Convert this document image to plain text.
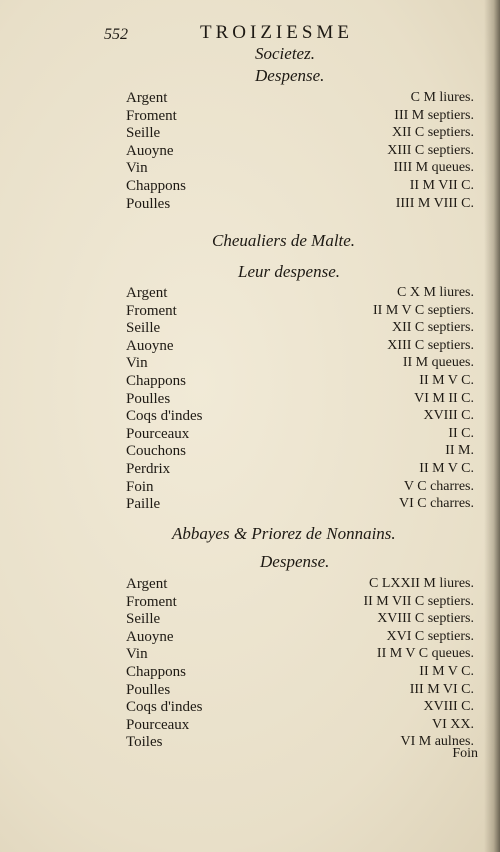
552	TROIZIESME
Societez.
Despense.
Argent	C M liures.
Froment	III M septiers.
Seille	XII C septiers.
Auoyne	XIII C septiers.
Vin	IIII M queues.
Chappons	II M VII C.
Poulles	IIII M VIII C.
Cheualiers de Malte.
Leur despense.
Argent	C X M liures.
Froment	II M V C septiers.
Seille	XII C septiers.
Auoyne	XIII C septiers.
Vin	II M queues.
Chappons	II M V C.
Poulles	VI M II C.
Coqs d'indes	XVIII C.
Pourceaux	II C.
Couchons	II M.
Perdrix	II M V C.
Foin	V C charres.
Paille	VI C charres.
Abbayes & Priorez de Nonnains.
Despense.
Argent	C LXXII M liures.
Froment	II M VII C septiers.
Seille	XVIII C septiers.
Auoyne	XVI C septiers.
Vin	II M V C queues.
Chappons	II M V C.
Poulles	III M VI C.
Coqs d'indes	XVIII C.
Pourceaux	VI XX.
Toiles	VI M aulnes.
Foin
